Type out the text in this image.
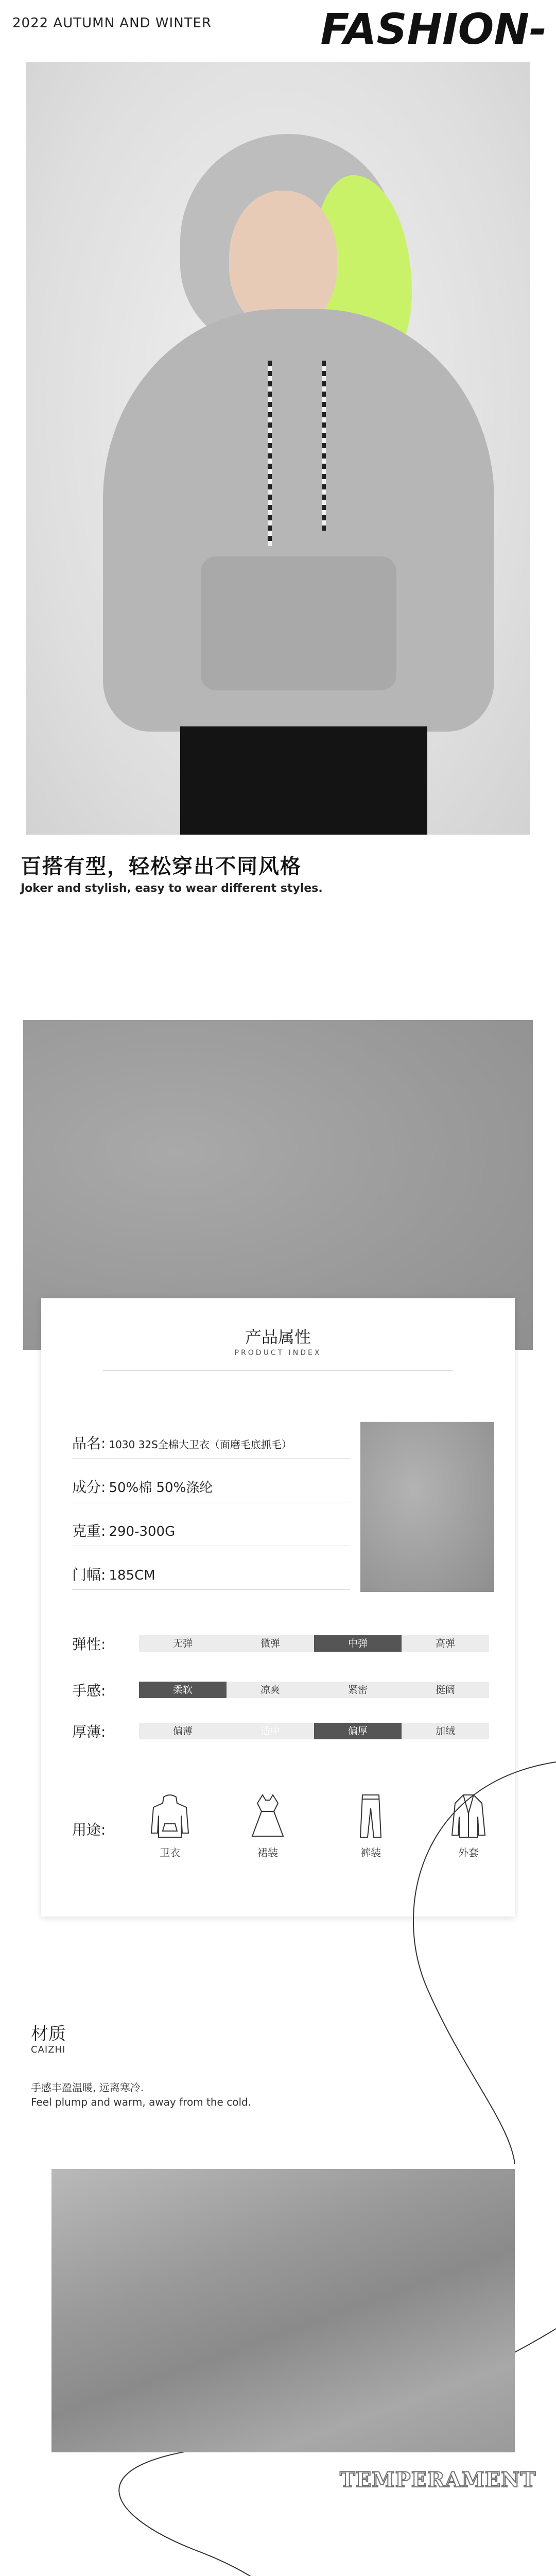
2022 AUTUMN AND WINTER	FASHION-
百搭有型，轻松穿出不同风格
Joker and stylish, easy to wear different styles.
产品属性
PRODUCT INDEX
品名: 1030 32S全棉大卫衣（面磨毛底抓毛）
成分: 50%棉 50%涤纶
克重: 290-300G
门幅: 185CM
弹性:	无弹	微弹	中弹	高弹
手感:	柔软	凉爽	紧密	挺阔
厚薄:	偏薄	适中	偏厚	加绒
用途:
卫衣	裙装	裤装	外套
材质
CAIZHI
手感丰盈温暖, 远离寒冷.
Feel plump and warm, away from the cold.
TEMPERAMENT
